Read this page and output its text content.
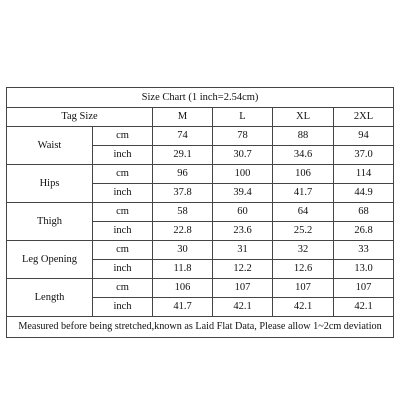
Size Chart (1 inch=2.54cm)					
Tag Size		M	L	XL	2XL
Waist	cm	74	78	88	94
	inch	29.1	30.7	34.6	37.0
Hips	cm	96	100	106	114
	inch	37.8	39.4	41.7	44.9
Thigh	cm	58	60	64	68
	inch	22.8	23.6	25.2	26.8
Leg Opening	cm	30	31	32	33
	inch	11.8	12.2	12.6	13.0
Length	cm	106	107	107	107
	inch	41.7	42.1	42.1	42.1
Measured before being stretched,known as Laid Flat Data, Please allow 1~2cm deviation					
